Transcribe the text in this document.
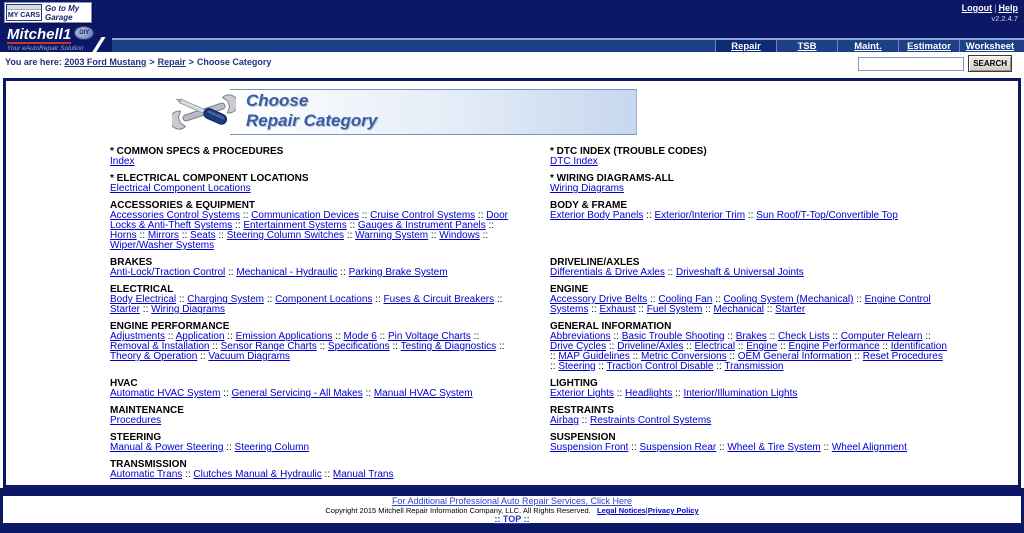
MY CARS
Go to My Garage
Logout | Help
v2.2.4.7
Mitchell1 DIY
Your eAutoRepair Solution	Repair	TSB	Maint.	Estimator	Worksheet
You are here: 2003 Ford Mustang > Repair > Choose Category	SEARCH
Choose
Repair Category
* COMMON SPECS & PROCEDURES
Index
* DTC INDEX (TROUBLE CODES)
DTC Index
* ELECTRICAL COMPONENT LOCATIONS
Electrical Component Locations
* WIRING DIAGRAMS-ALL
Wiring Diagrams
ACCESSORIES & EQUIPMENT
Accessories Control Systems :: Communication Devices :: Cruise Control Systems :: Door Locks & Anti-Theft Systems :: Entertainment Systems :: Gauges & Instrument Panels :: Horns :: Mirrors :: Seats :: Steering Column Switches :: Warning System :: Windows :: Wiper/Washer Systems
BODY & FRAME
Exterior Body Panels :: Exterior/Interior Trim :: Sun Roof/T-Top/Convertible Top
BRAKES
Anti-Lock/Traction Control :: Mechanical - Hydraulic :: Parking Brake System
DRIVELINE/AXLES
Differentials & Drive Axles :: Driveshaft & Universal Joints
ELECTRICAL
Body Electrical :: Charging System :: Component Locations :: Fuses & Circuit Breakers :: Starter :: Wiring Diagrams
ENGINE
Accessory Drive Belts :: Cooling Fan :: Cooling System (Mechanical) :: Engine Control Systems :: Exhaust :: Fuel System :: Mechanical :: Starter
ENGINE PERFORMANCE
Adjustments :: Application :: Emission Applications :: Mode 6 :: Pin Voltage Charts :: Removal & Installation :: Sensor Range Charts :: Specifications :: Testing & Diagnostics :: Theory & Operation :: Vacuum Diagrams
GENERAL INFORMATION
Abbreviations :: Basic Trouble Shooting :: Brakes :: Check Lists :: Computer Relearn :: Drive Cycles :: Driveline/Axles :: Electrical :: Engine :: Engine Performance :: Identification :: MAP Guidelines :: Metric Conversions :: OEM General Information :: Reset Procedures :: Steering :: Traction Control Disable :: Transmission
HVAC
Automatic HVAC System :: General Servicing - All Makes :: Manual HVAC System
LIGHTING
Exterior Lights :: Headlights :: Interior/Illumination Lights
MAINTENANCE
Procedures
RESTRAINTS
Airbag :: Restraints Control Systems
STEERING
Manual & Power Steering :: Steering Column
SUSPENSION
Suspension Front :: Suspension Rear :: Wheel & Tire System :: Wheel Alignment
TRANSMISSION
Automatic Trans :: Clutches Manual & Hydraulic :: Manual Trans
For Additional Professional Auto Repair Services, Click Here
Copyright 2015 Mitchell Repair Information Company, LLC. All Rights Reserved. Legal Notices|Privacy Policy
:: TOP ::
